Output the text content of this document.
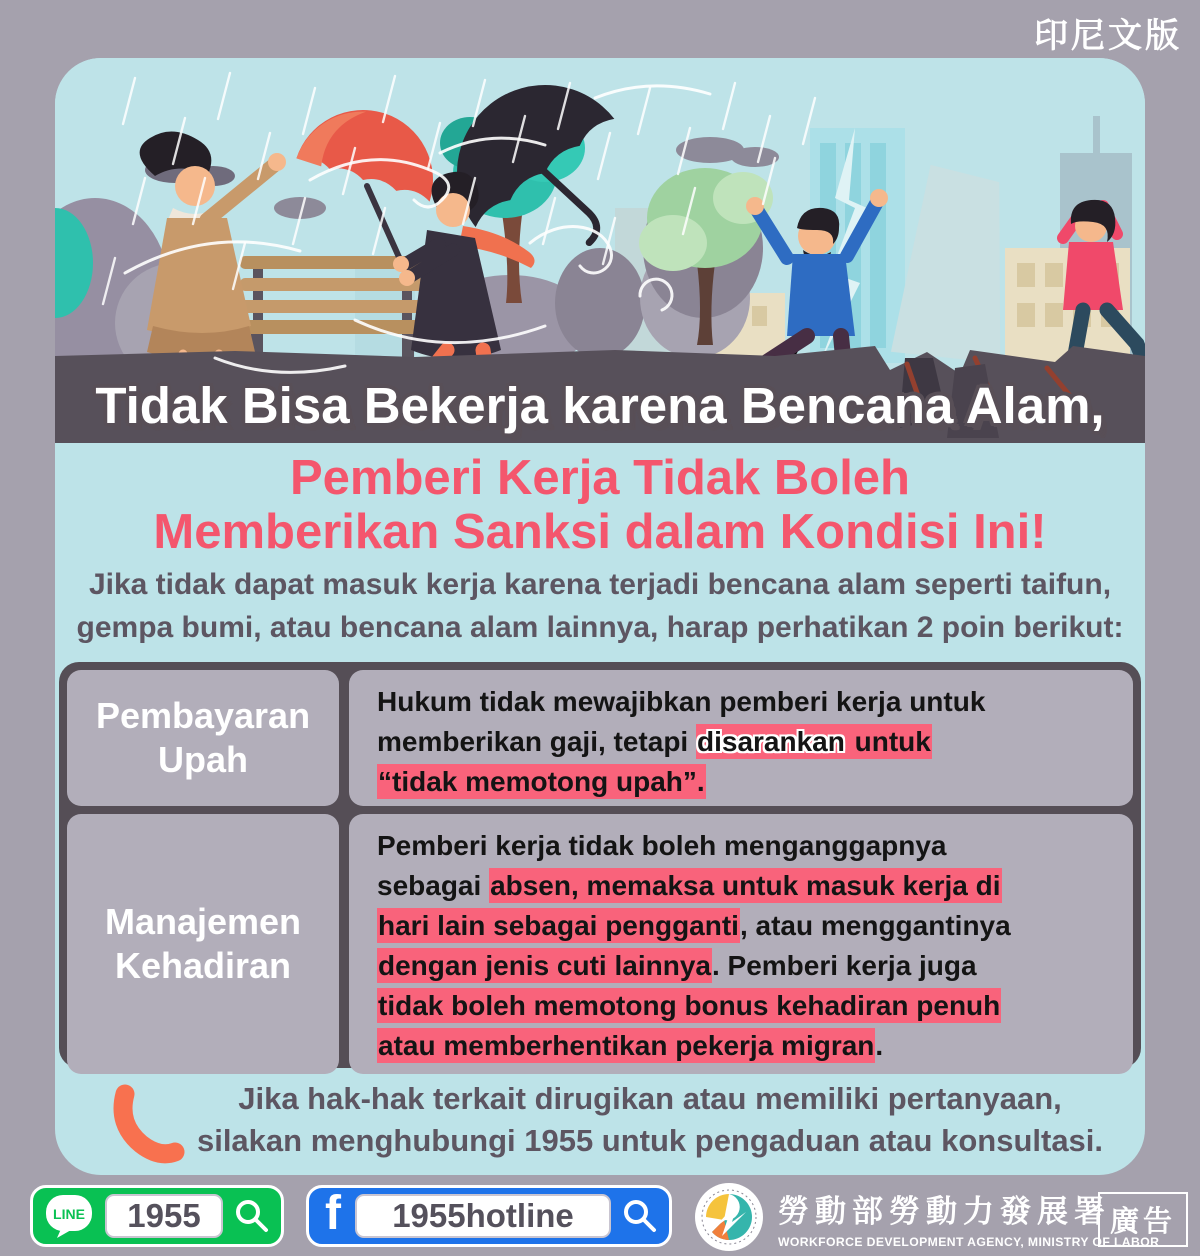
印尼文版
Tidak Bisa Bekerja karena Bencana Alam,
Pemberi Kerja Tidak Boleh
Memberikan Sanksi dalam Kondisi Ini!
Jika tidak dapat masuk kerja karena terjadi bencana alam seperti taifun,
gempa bumi, atau bencana alam lainnya, harap perhatikan 2 poin berikut:
Pembayaran
Upah
Hukum tidak mewajibkan pemberi kerja untuk
memberikan gaji, tetapi disarankan untuk
“tidak memotong upah”.
Manajemen
Kehadiran
Pemberi kerja tidak boleh menganggapnya
sebagai absen, memaksa untuk masuk kerja di
hari lain sebagai pengganti, atau menggantinya
dengan jenis cuti lainnya. Pemberi kerja juga
tidak boleh memotong bonus kehadiran penuh
atau memberhentikan pekerja migran.
Jika hak-hak terkait dirugikan atau memiliki pertanyaan,
silakan menghubungi 1955 untuk pengaduan atau konsultasi.
LINE
1955	f
1955hotline	勞動部勞動力發展署
WORKFORCE DEVELOPMENT AGENCY, MINISTRY OF LABOR
廣告
